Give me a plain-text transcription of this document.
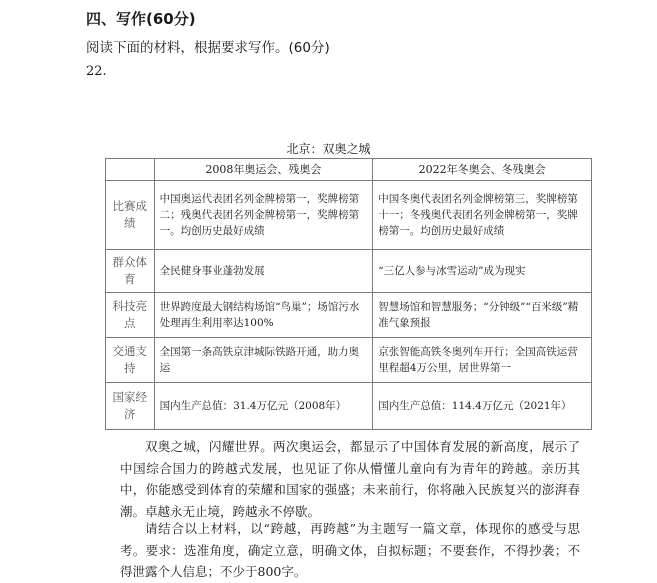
四、写作(60分)
阅读下面的材料，根据要求写作。(60分)
22.
北京：双奥之城
	2008年奥运会、残奥会	2022年冬奥会、冬残奥会
比赛成绩	中国奥运代表团名列金牌榜第一，奖牌榜第二；残奥代表团名列金牌榜第一，奖牌榜第一。均创历史最好成绩	中国冬奥代表团名列金牌榜第三，奖牌榜第十一；冬残奥代表团名列金牌榜第一，奖牌榜第一。均创历史最好成绩
群众体育	全民健身事业蓬勃发展	“三亿人参与冰雪运动”成为现实
科技亮点	世界跨度最大钢结构场馆“鸟巢”；场馆污水处理再生利用率达100%	智慧场馆和智慧服务；“分钟级”“百米级”精准气象预报
交通支持	全国第一条高铁京津城际铁路开通，助力奥运	京张智能高铁冬奥列车开行；全国高铁运营里程超4万公里，居世界第一
国家经济	国内生产总值：31.4万亿元（2008年）	国内生产总值：114.4万亿元（2021年）

双奥之城，闪耀世界。两次奥运会，都显示了中国体育发展的新高度，展示了中国综合国力的跨越式发展，也见证了你从懵懂儿童向有为青年的跨越。亲历其中，你能感受到体育的荣耀和国家的强盛；未来前行，你将融入民族复兴的澎湃春潮。卓越永无止境，跨越永不停歇。

请结合以上材料，以“跨越，再跨越”为主题写一篇文章，体现你的感受与思考。要求：选准角度，确定立意，明确文体，自拟标题；不要套作，不得抄袭；不得泄露个人信息；不少于800字。
